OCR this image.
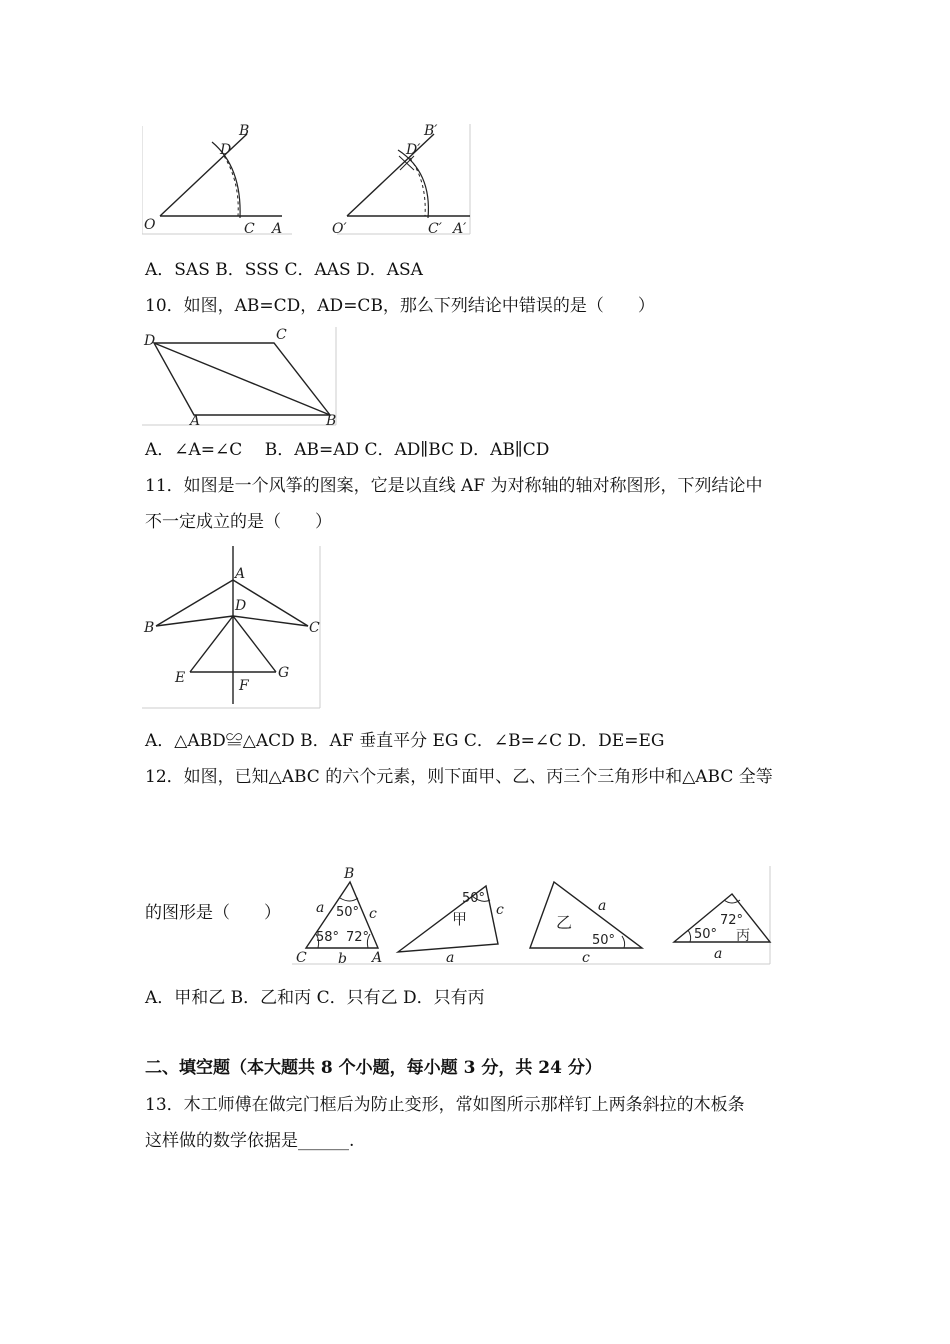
B
D
O	C A
B′
D′
O′	C′ A′
A．SAS B．SSS C．AAS D．ASA
10．如图，AB=CD，AD=CB，那么下列结论中错误的是（　　）
D	C
A	B
A．∠A=∠C　 B．AB=AD C．AD∥BC D．AB∥CD
11．如图是一个风筝的图案，它是以直线 AF 为对称轴的轴对称图形，下列结论中
不一定成立的是（　　）
A
D
B	C
E	F
G
A．△ABD≌△ACD B．AF 垂直平分 EG C．∠B=∠C D．DE=EG
12．如图，已知△ABC 的六个元素，则下面甲、乙、丙三个三角形中和△ABC 全等
的图形是（　　）
B
a	c
50°
58° 72°
C b A
50°
甲 c
a
乙
a
50°
c
72°
50° 丙
a
A．甲和乙 B．乙和丙 C．只有乙 D．只有丙
二、填空题（本大题共 8 个小题，每小题 3 分，共 24 分）
13．木工师傅在做完门框后为防止变形，常如图所示那样钉上两条斜拉的木板条
这样做的数学依据是______.
